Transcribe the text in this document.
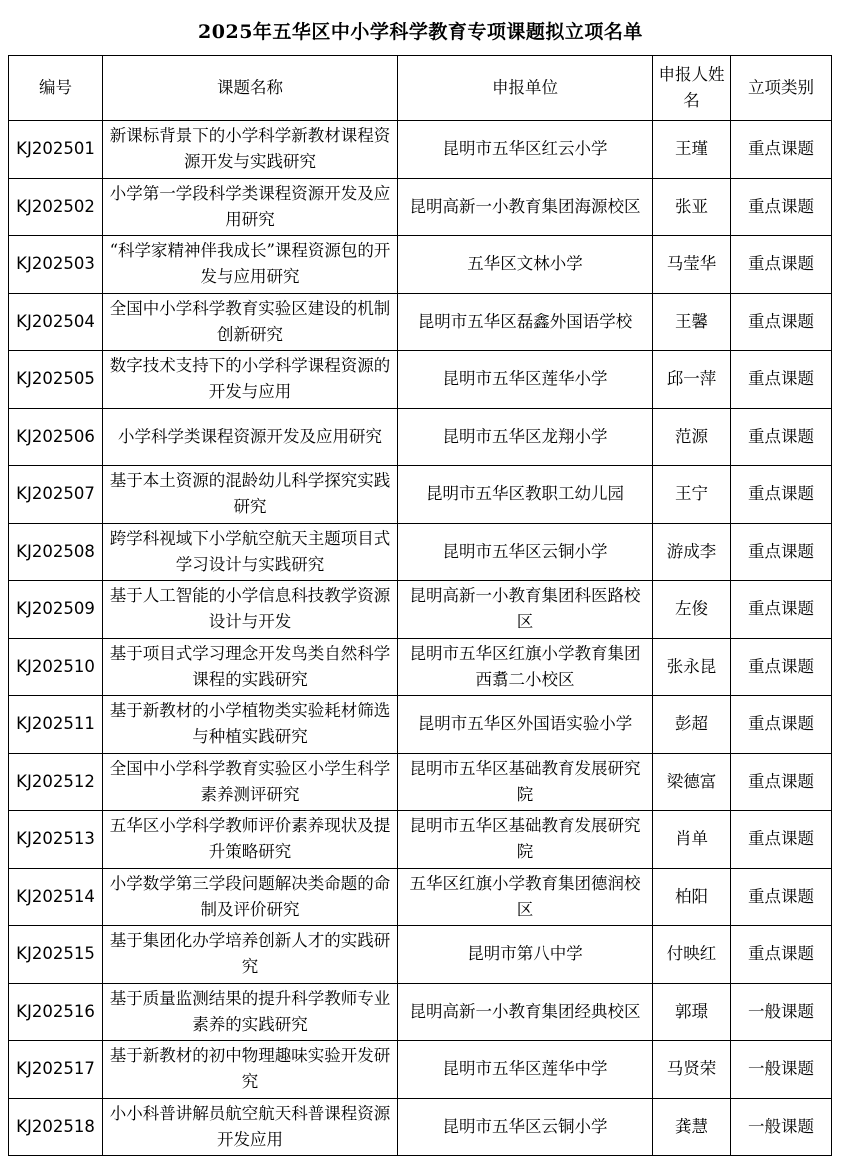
2025年五华区中小学科学教育专项课题拟立项名单
编号	课题名称	申报单位	申报人姓名	立项类别
KJ202501	新课标背景下的小学科学新教材课程资源开发与实践研究	昆明市五华区红云小学	王瑾	重点课题
KJ202502	小学第一学段科学类课程资源开发及应用研究	昆明高新一小教育集团海源校区	张亚	重点课题
KJ202503	“科学家精神伴我成长”课程资源包的开发与应用研究	五华区文林小学	马莹华	重点课题
KJ202504	全国中小学科学教育实验区建设的机制创新研究	昆明市五华区磊鑫外国语学校	王馨	重点课题
KJ202505	数字技术支持下的小学科学课程资源的开发与应用	昆明市五华区莲华小学	邱一萍	重点课题
KJ202506	小学科学类课程资源开发及应用研究	昆明市五华区龙翔小学	范源	重点课题
KJ202507	基于本土资源的混龄幼儿科学探究实践研究	昆明市五华区教职工幼儿园	王宁	重点课题
KJ202508	跨学科视域下小学航空航天主题项目式学习设计与实践研究	昆明市五华区云铜小学	游成李	重点课题
KJ202509	基于人工智能的小学信息科技教学资源设计与开发	昆明高新一小教育集团科医路校区	左俊	重点课题
KJ202510	基于项目式学习理念开发鸟类自然科学课程的实践研究	昆明市五华区红旗小学教育集团西翥二小校区	张永昆	重点课题
KJ202511	基于新教材的小学植物类实验耗材筛选与种植实践研究	昆明市五华区外国语实验小学	彭超	重点课题
KJ202512	全国中小学科学教育实验区小学生科学素养测评研究	昆明市五华区基础教育发展研究院	梁德富	重点课题
KJ202513	五华区小学科学教师评价素养现状及提升策略研究	昆明市五华区基础教育发展研究院	肖单	重点课题
KJ202514	小学数学第三学段问题解决类命题的命制及评价研究	五华区红旗小学教育集团德润校区	柏阳	重点课题
KJ202515	基于集团化办学培养创新人才的实践研究	昆明市第八中学	付映红	重点课题
KJ202516	基于质量监测结果的提升科学教师专业素养的实践研究	昆明高新一小教育集团经典校区	郭璟	一般课题
KJ202517	基于新教材的初中物理趣味实验开发研究	昆明市五华区莲华中学	马贤荣	一般课题
KJ202518	小小科普讲解员航空航天科普课程资源开发应用	昆明市五华区云铜小学	龚慧	一般课题
